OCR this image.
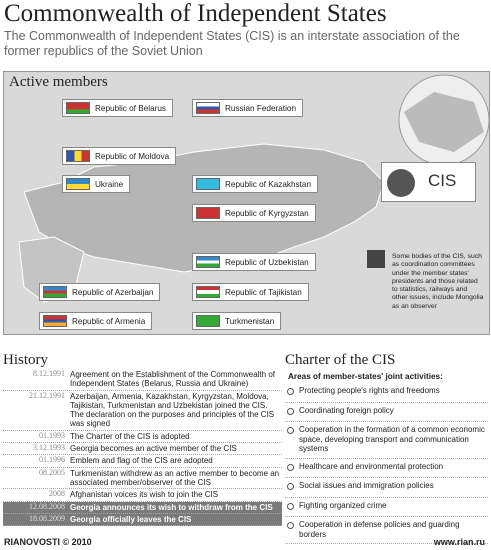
Commonwealth of Independent States
The Commonwealth of Independent States (CIS) is an interstate association of the former republics of the Soviet Union
Active members
Republic of Belarus	Russian Federation
Republic of Moldova
Ukraine	Republic of Kazakhstan
Republic of Kyrgyzstan
Republic of Uzbekistan
Republic of Azerbaijan	Republic of Tajikistan
Republic of Armenia	Turkmenistan
CIS
Some bodies of the CIS, such as coordination committees under the member states' presidents and those related to statistics, railways and other issues, include Mongolia as an observer
History
8.12.1991 Agreement on the Establishment of the Commonwealth of Independent States (Belarus, Russia and Ukraine)
21.12.1991 Azerbaijan, Armenia, Kazakhstan, Kyrgyzstan, Moldova, Tajikistan, Turkmenistan and Uzbekistan joined the CIS. The declaration on the purposes and principles of the CIS was signed
01.1993 The Charter of the CIS is adopted
3.12.1993 Georgia becomes an active member of the CIS
01.1996 Emblem and flag of the CIS are adopted
08.2005 Turkmenistan withdrew as an active member to become an associated member/observer of the CIS
2008 Afghanistan voices its wish to join the CIS
12.08.2008 Georgia announces its wish to withdraw from the CIS
18.08.2009 Georgia officially leaves the CIS
Charter of the CIS
Areas of member-states' joint activities:
Protecting people's rights and freedoms
Coordinating foreign policy
Cooperation in the formation of a common economic space, developing transport and communication systems
Healthcare and environmental protection
Social issues and immigration policies
Fighting organized crime
Cooperation in defense policies and guarding borders
RIANOVOSTI © 2010	www.rian.ru
